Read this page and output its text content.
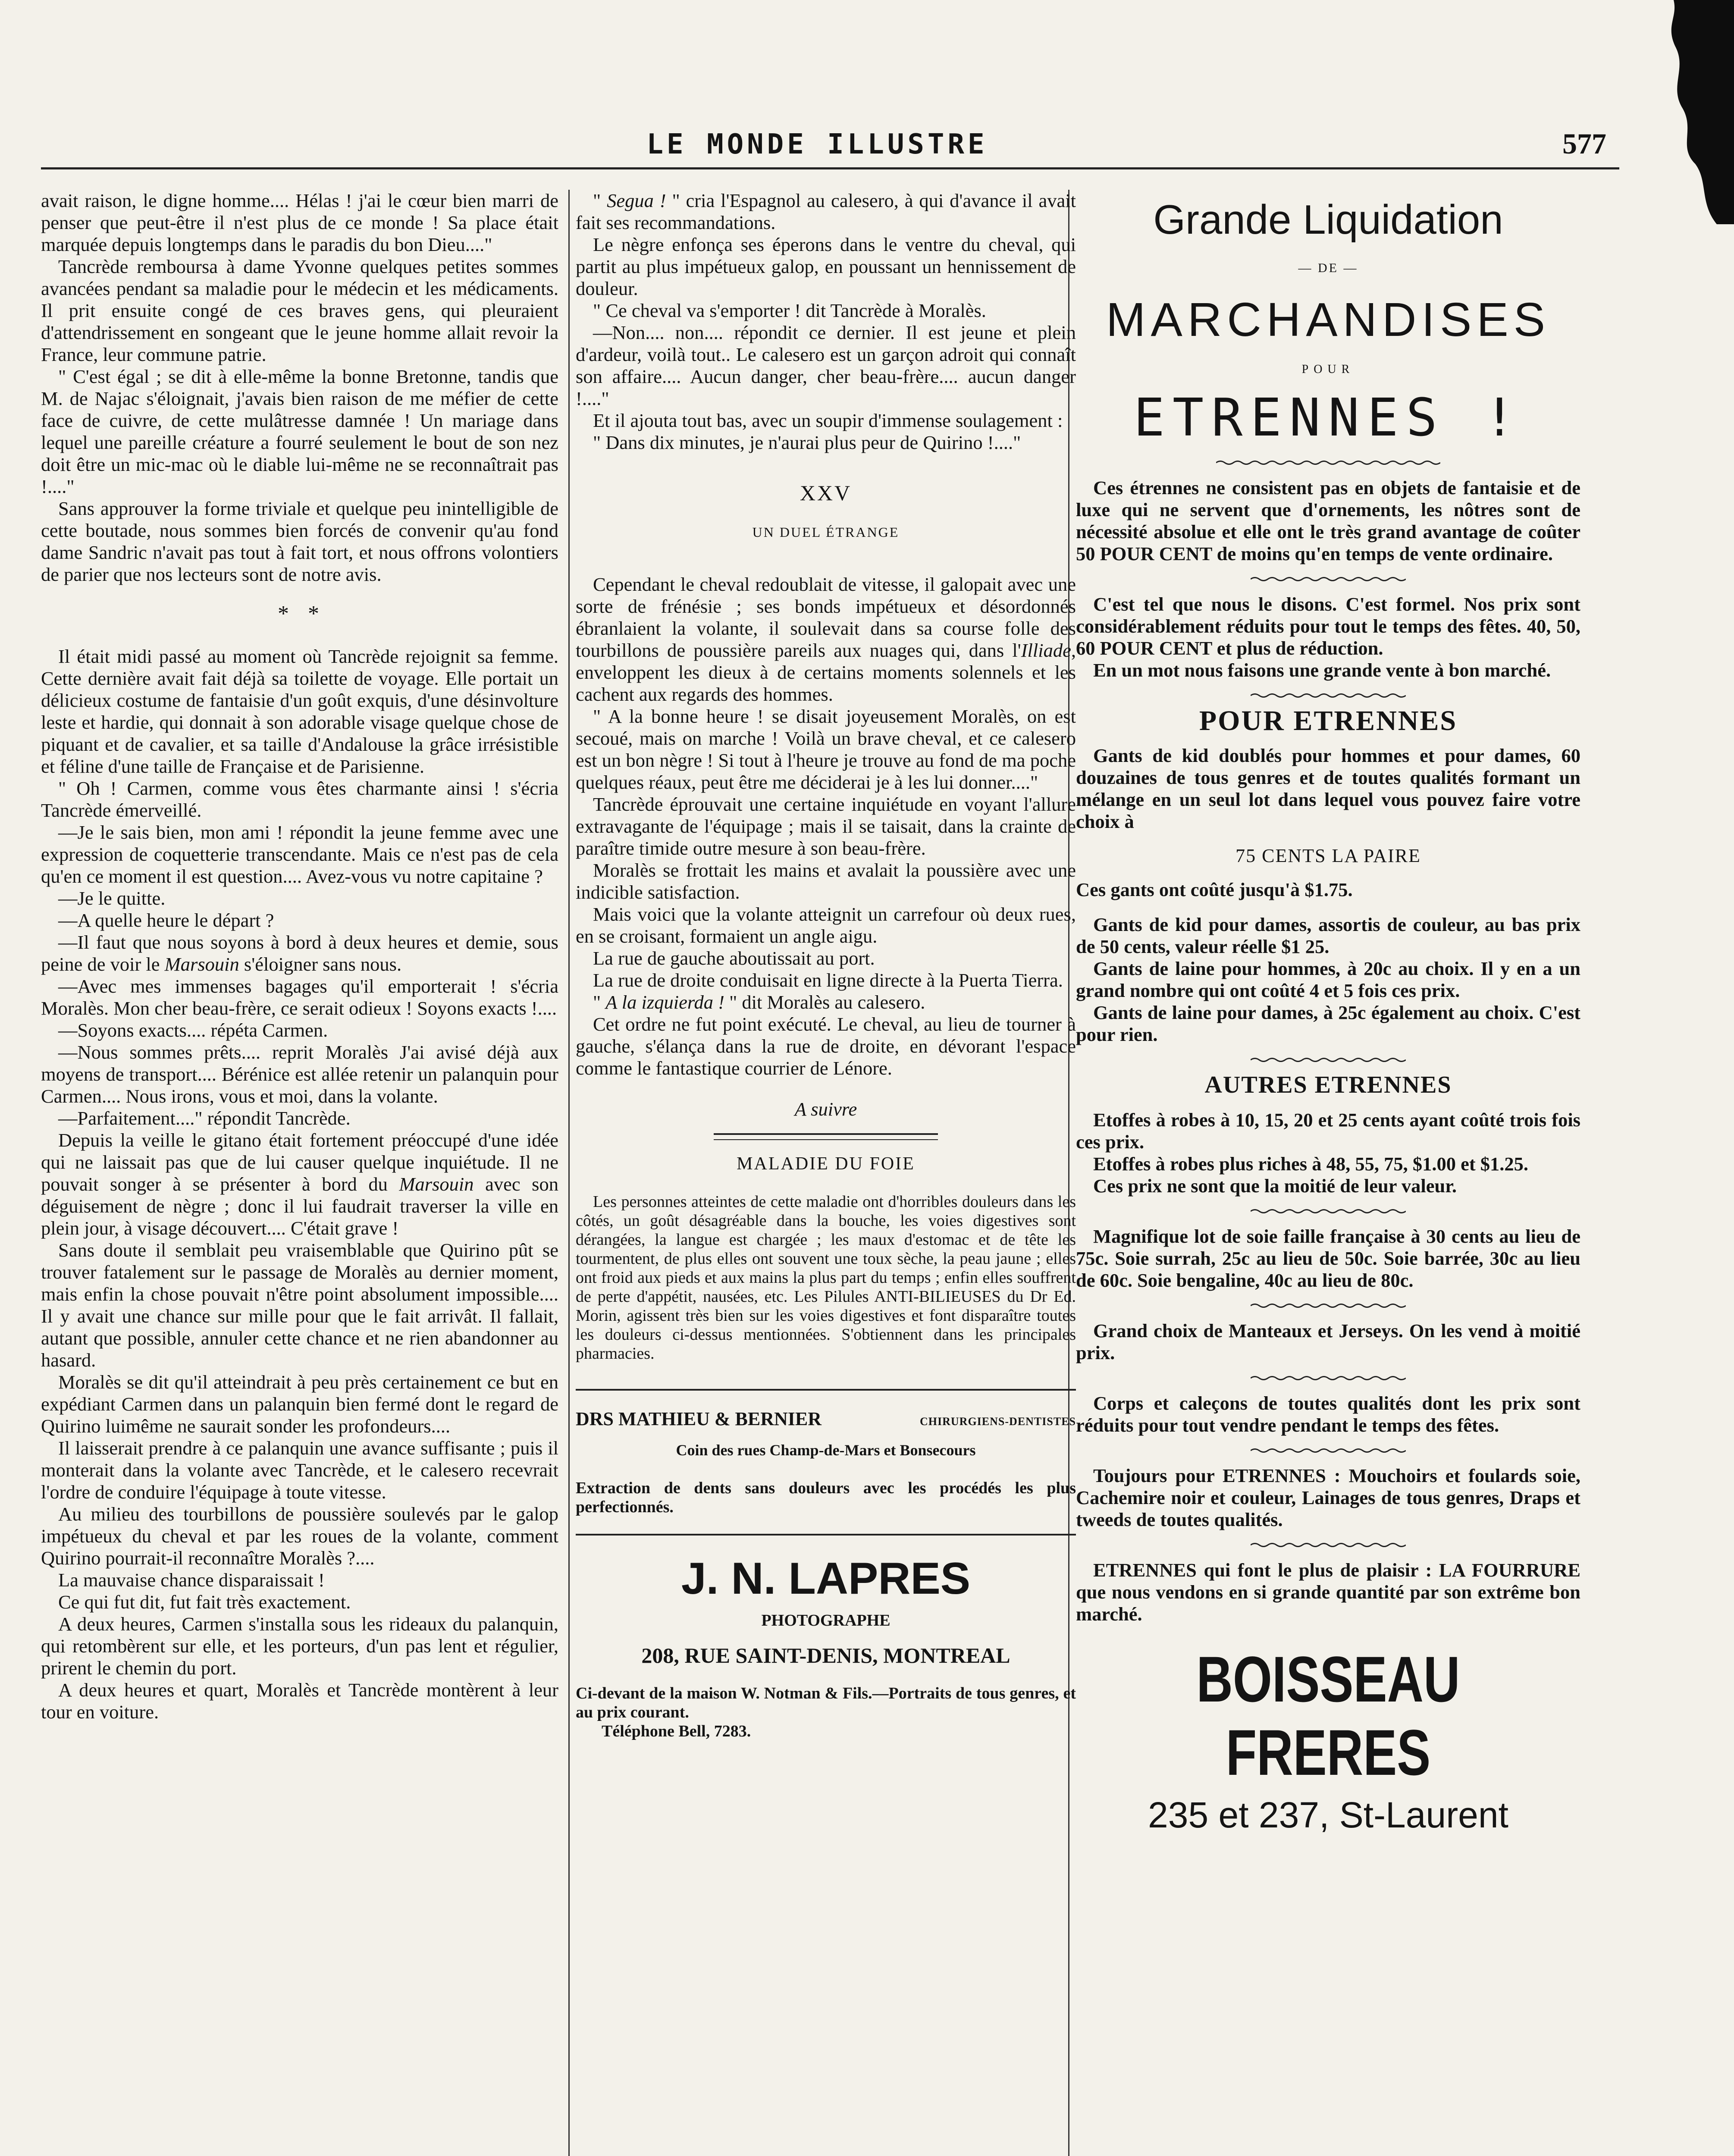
LE MONDE ILLUSTRE	577

avait raison, le digne homme.... Hélas ! j'ai le cœur bien marri de penser que peut-être il n'est plus de ce monde ! Sa place était marquée depuis longtemps dans le paradis du bon Dieu...."

Tancrède remboursa à dame Yvonne quelques petites sommes avancées pendant sa maladie pour le médecin et les médicaments. Il prit ensuite congé de ces braves gens, qui pleuraient d'attendrissement en songeant que le jeune homme allait revoir la France, leur commune patrie.

" C'est égal ; se dit à elle-même la bonne Bretonne, tandis que M. de Najac s'éloignait, j'avais bien raison de me méfier de cette face de cuivre, de cette mulâtresse damnée ! Un mariage dans lequel une pareille créature a fourré seulement le bout de son nez doit être un mic-mac où le diable lui-même ne se reconnaîtrait pas !...."

Sans approuver la forme triviale et quelque peu inintelligible de cette boutade, nous sommes bien forcés de convenir qu'au fond dame Sandric n'avait pas tout à fait tort, et nous offrons volontiers de parier que nos lecteurs sont de notre avis.

*  *

Il était midi passé au moment où Tancrède rejoignit sa femme. Cette dernière avait fait déjà sa toilette de voyage. Elle portait un délicieux costume de fantaisie d'un goût exquis, d'une désinvolture leste et hardie, qui donnait à son adorable visage quelque chose de piquant et de cavalier, et sa taille d'Andalouse la grâce irrésistible et féline d'une taille de Française et de Parisienne.

" Oh ! Carmen, comme vous êtes charmante ainsi ! s'écria Tancrède émerveillé.

—Je le sais bien, mon ami ! répondit la jeune femme avec une expression de coquetterie transcendante. Mais ce n'est pas de cela qu'en ce moment il est question.... Avez-vous vu notre capitaine ?

—Je le quitte.

—A quelle heure le départ ?

—Il faut que nous soyons à bord à deux heures et demie, sous peine de voir le Marsouin s'éloigner sans nous.

—Avec mes immenses bagages qu'il emporterait ! s'écria Moralès. Mon cher beau-frère, ce serait odieux ! Soyons exacts !....

—Soyons exacts.... répéta Carmen.

—Nous sommes prêts.... reprit Moralès J'ai avisé déjà aux moyens de transport.... Bérénice est allée retenir un palanquin pour Carmen.... Nous irons, vous et moi, dans la volante.

—Parfaitement...." répondit Tancrède.

Depuis la veille le gitano était fortement préoccupé d'une idée qui ne laissait pas que de lui causer quelque inquiétude. Il ne pouvait songer à se présenter à bord du Marsouin avec son déguisement de nègre ; donc il lui faudrait traverser la ville en plein jour, à visage découvert.... C'était grave !

Sans doute il semblait peu vraisemblable que Quirino pût se trouver fatalement sur le passage de Moralès au dernier moment, mais enfin la chose pouvait n'être point absolument impossible.... Il y avait une chance sur mille pour que le fait arrivât. Il fallait, autant que possible, annuler cette chance et ne rien abandonner au hasard.

Moralès se dit qu'il atteindrait à peu près certainement ce but en expédiant Carmen dans un palanquin bien fermé dont le regard de Quirino luimême ne saurait sonder les profondeurs....

Il laisserait prendre à ce palanquin une avance suffisante ; puis il monterait dans la volante avec Tancrède, et le calesero recevrait l'ordre de conduire l'équipage à toute vitesse.

Au milieu des tourbillons de poussière soulevés par le galop impétueux du cheval et par les roues de la volante, comment Quirino pourrait-il reconnaître Moralès ?....

La mauvaise chance disparaissait !

Ce qui fut dit, fut fait très exactement.

A deux heures, Carmen s'installa sous les rideaux du palanquin, qui retombèrent sur elle, et les porteurs, d'un pas lent et régulier, prirent le chemin du port.

A deux heures et quart, Moralès et Tancrède montèrent à leur tour en voiture.

" Segua ! " cria l'Espagnol au calesero, à qui d'avance il avait fait ses recommandations.

Le nègre enfonça ses éperons dans le ventre du cheval, qui partit au plus impétueux galop, en poussant un hennissement de douleur.

" Ce cheval va s'emporter ! dit Tancrède à Moralès.

—Non.... non.... répondit ce dernier. Il est jeune et plein d'ardeur, voilà tout.. Le calesero est un garçon adroit qui connaît son affaire.... Aucun danger, cher beau-frère.... aucun danger !...."

Et il ajouta tout bas, avec un soupir d'immense soulagement :

" Dans dix minutes, je n'aurai plus peur de Quirino !...."

XXV
UN DUEL ÉTRANGE

Cependant le cheval redoublait de vitesse, il galopait avec une sorte de frénésie ; ses bonds impétueux et désordonnés ébranlaient la volante, il soulevait dans sa course folle des tourbillons de poussière pareils aux nuages qui, dans l'Illiade, enveloppent les dieux à de certains moments solennels et les cachent aux regards des hommes.

" A la bonne heure ! se disait joyeusement Moralès, on est secoué, mais on marche ! Voilà un brave cheval, et ce calesero est un bon nègre ! Si tout à l'heure je trouve au fond de ma poche quelques réaux, peut être me déciderai je à les lui donner...."

Tancrède éprouvait une certaine inquiétude en voyant l'allure extravagante de l'équipage ; mais il se taisait, dans la crainte de paraître timide outre mesure à son beau-frère.

Moralès se frottait les mains et avalait la poussière avec une indicible satisfaction.

Mais voici que la volante atteignit un carrefour où deux rues, en se croisant, formaient un angle aigu.

La rue de gauche aboutissait au port.

La rue de droite conduisait en ligne directe à la Puerta Tierra.

" A la izquierda ! " dit Moralès au calesero.

Cet ordre ne fut point exécuté. Le cheval, au lieu de tourner à gauche, s'élança dans la rue de droite, en dévorant l'espace comme le fantastique courrier de Lénore.

A suivre
MALADIE DU FOIE

Les personnes atteintes de cette maladie ont d'horribles douleurs dans les côtés, un goût désagréable dans la bouche, les voies digestives sont dérangées, la langue est chargée ; les maux d'estomac et de tête les tourmentent, de plus elles ont souvent une toux sèche, la peau jaune ; elles ont froid aux pieds et aux mains la plus part du temps ; enfin elles souffrent de perte d'appétit, nausées, etc. Les Pilules ANTI-BILIEUSES du Dr Ed. Morin, agissent très bien sur les voies digestives et font disparaître toutes les douleurs ci-dessus mentionnées. S'obtiennent dans les principales pharmacies.

DRS MATHIEU & BERNIER	CHIRURGIENS-DENTISTES
Coin des rues Champ-de-Mars et Bonsecours

Extraction de dents sans douleurs avec les procédés les plus perfectionnés.

J. N. LAPRES
PHOTOGRAPHE
208, RUE SAINT-DENIS, MONTREAL

Ci-devant de la maison W. Notman & Fils.—Portraits de tous genres, et au prix courant.

Téléphone Bell, 7283.

Grande Liquidation
— DE —
MARCHANDISES
POUR
ETRENNES !

Ces étrennes ne consistent pas en objets de fantaisie et de luxe qui ne servent que d'ornements, les nôtres sont de nécessité absolue et elle ont le très grand avantage de coûter 50 POUR CENT de moins qu'en temps de vente ordinaire.

C'est tel que nous le disons. C'est formel. Nos prix sont considérablement réduits pour tout le temps des fêtes. 40, 50, 60 POUR CENT et plus de réduction.

En un mot nous faisons une grande vente à bon marché.

POUR ETRENNES

Gants de kid doublés pour hommes et pour dames, 60 douzaines de tous genres et de toutes qualités formant un mélange en un seul lot dans lequel vous pouvez faire votre choix à

75 CENTS LA PAIRE

Ces gants ont coûté jusqu'à $1.75.

Gants de kid pour dames, assortis de couleur, au bas prix de 50 cents, valeur réelle $1 25.

Gants de laine pour hommes, à 20c au choix. Il y en a un grand nombre qui ont coûté 4 et 5 fois ces prix.

Gants de laine pour dames, à 25c également au choix. C'est pour rien.

AUTRES ETRENNES

Etoffes à robes à 10, 15, 20 et 25 cents ayant coûté trois fois ces prix.

Etoffes à robes plus riches à 48, 55, 75, $1.00 et $1.25.

Ces prix ne sont que la moitié de leur valeur.

Magnifique lot de soie faille française à 30 cents au lieu de 75c. Soie surrah, 25c au lieu de 50c. Soie barrée, 30c au lieu de 60c. Soie bengaline, 40c au lieu de 80c.

Grand choix de Manteaux et Jerseys. On les vend à moitié prix.

Corps et caleçons de toutes qualités dont les prix sont réduits pour tout vendre pendant le temps des fêtes.

Toujours pour ETRENNES : Mouchoirs et foulards soie, Cachemire noir et couleur, Lainages de tous genres, Draps et tweeds de toutes qualités.

ETRENNES qui font le plus de plaisir : LA FOURRURE que nous vendons en si grande quantité par son extrême bon marché.

BOISSEAU FRERES
235 et 237, St-Laurent
